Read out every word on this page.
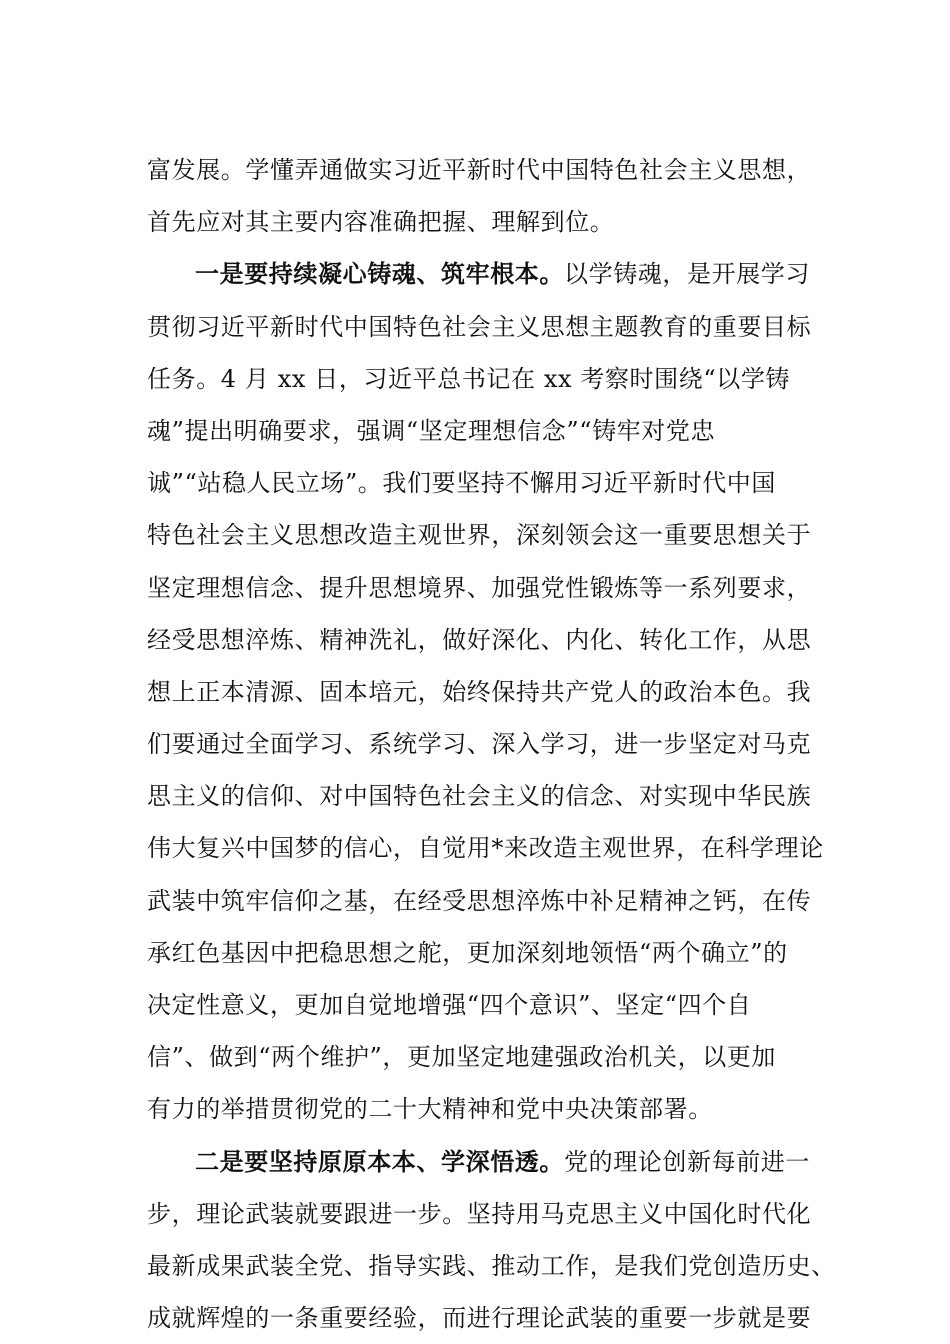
富发展。学懂弄通做实习近平新时代中国特色社会主义思想，
首先应对其主要内容准确把握、理解到位。
一是要持续凝心铸魂、筑牢根本。以学铸魂，是开展学习
贯彻习近平新时代中国特色社会主义思想主题教育的重要目标
任务。4 月 xx 日，习近平总书记在 xx 考察时围绕“以学铸
魂”提出明确要求，强调“坚定理想信念”“铸牢对党忠
诚”“站稳人民立场”。我们要坚持不懈用习近平新时代中国
特色社会主义思想改造主观世界，深刻领会这一重要思想关于
坚定理想信念、提升思想境界、加强党性锻炼等一系列要求，
经受思想淬炼、精神洗礼，做好深化、内化、转化工作，从思
想上正本清源、固本培元，始终保持共产党人的政治本色。我
们要通过全面学习、系统学习、深入学习，进一步坚定对马克
思主义的信仰、对中国特色社会主义的信念、对实现中华民族
伟大复兴中国梦的信心，自觉用*来改造主观世界，在科学理论
武装中筑牢信仰之基，在经受思想淬炼中补足精神之钙，在传
承红色基因中把稳思想之舵，更加深刻地领悟“两个确立”的
决定性意义，更加自觉地增强“四个意识”、坚定“四个自
信”、做到“两个维护”，更加坚定地建强政治机关，以更加
有力的举措贯彻党的二十大精神和党中央决策部署。
二是要坚持原原本本、学深悟透。党的理论创新每前进一
步，理论武装就要跟进一步。坚持用马克思主义中国化时代化
最新成果武装全党、指导实践、推动工作，是我们党创造历史、
成就辉煌的一条重要经验，而进行理论武装的重要一步就是要
